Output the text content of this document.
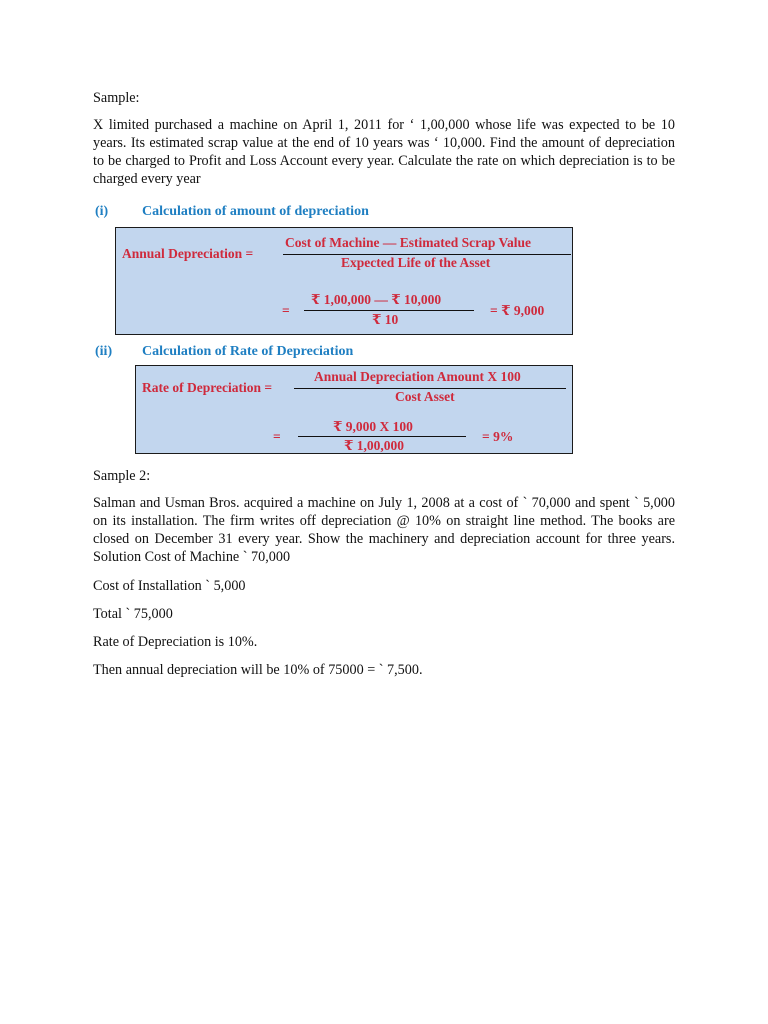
Sample:

X limited purchased a machine on April 1, 2011 for ‘ 1,00,000 whose life was expected to be 10 years. Its estimated scrap value at the end of 10 years was ‘ 10,000. Find the amount of depreciation to be charged to Profit and Loss Account every year. Calculate the rate on which depreciation is to be charged every year

(i) Calculation of amount of depreciation
Annual Depreciation =
Cost of Machine — Estimated Scrap Value
Expected Life of the Asset
=
₹ 1,00,000 — ₹ 10,000
₹ 10
= ₹ 9,000
(ii) Calculation of Rate of Depreciation
Rate of Depreciation =
Annual Depreciation Amount X 100
Cost Asset
=
₹ 9,000 X 100
₹ 1,00,000
= 9%

Sample 2:

Salman and Usman Bros. acquired a machine on July 1, 2008 at a cost of ` 70,000 and spent ` 5,000 on its installation. The firm writes off depreciation @ 10% on straight line method. The books are closed on December 31 every year. Show the machinery and depreciation account for three years. Solution Cost of Machine ` 70,000

Cost of Installation ` 5,000

Total ` 75,000

Rate of Depreciation is 10%.

Then annual depreciation will be 10% of 75000 = ` 7,500.
